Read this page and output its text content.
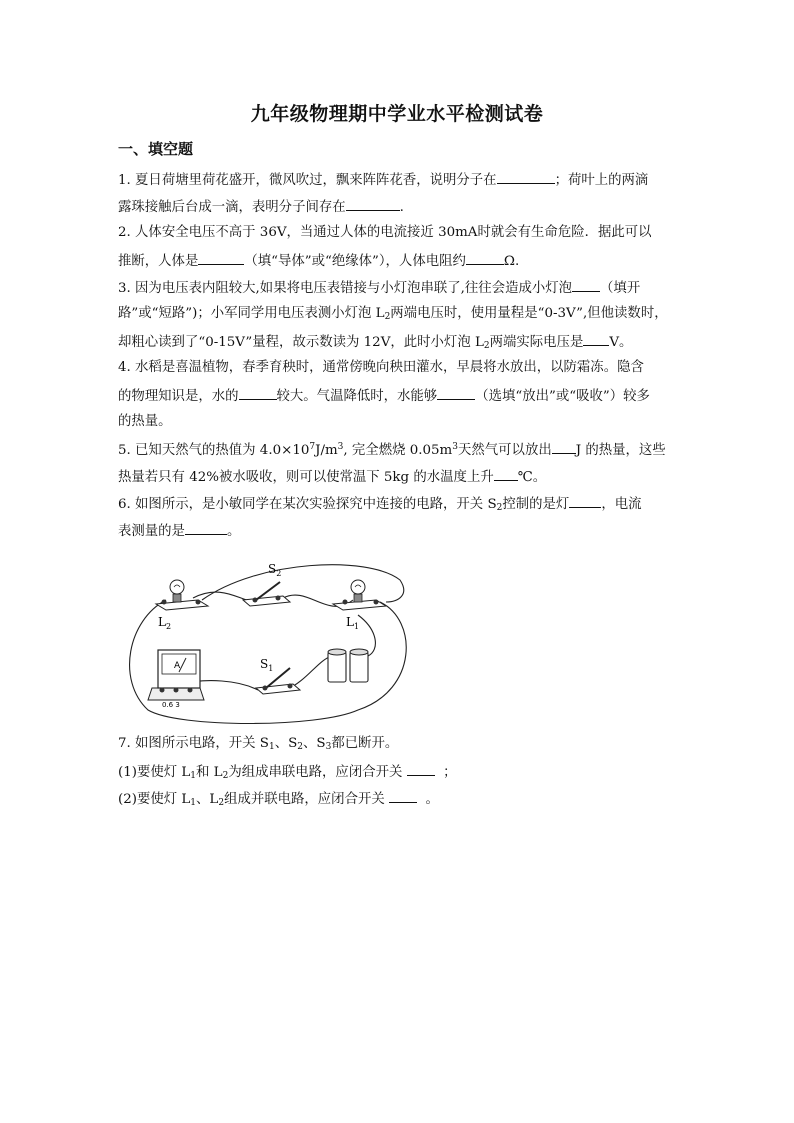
九年级物理期中学业水平检测试卷
一、填空题
1. 夏日荷塘里荷花盛开，微风吹过，飘来阵阵花香，说明分子在	；荷叶上的两滴
露珠接触后台成一滴，表明分子间存在	.
2. 人体安全电压不高于 36V，当通过人体的电流接近 30mA时就会有生命危险．据此可以
推断，人体是	（填“导体”或“绝缘体”），人体电阻约	Ω.
3. 因为电压表内阻较大,如果将电压表错接与小灯泡串联了,往往会造成小灯泡 （填开
路”或“短路”)；小军同学用电压表测小灯泡 $L_2$两端电压时，使用量程是“0-3V”,但他读数时，
却粗心读到了“0-15V”量程，故示数读为 12V，此时小灯泡 $L_2$两端实际电压是 V。
4. 水稻是喜温植物，春季育秧时，通常傍晚向秧田灌水，早晨将水放出，以防霜冻。隐含
的物理知识是，水的	较大。气温降低时，水能够	（选填“放出”或“吸收”）较多
的热量。
5. 已知天然气的热值为 $4.0\times 10^7J/m^3$, 完全燃烧 $0.05m^3$天然气可以放出 J 的热量，这些
热量若只有 42%被水吸收，则可以使常温下 5kg 的水温度上升 ℃。
6. 如图所示，是小敏同学在某次实验探究中连接的电路，开关 $S_2$控制的是灯 ，电流
表测量的是	。
$S_2$
$L_2$	$L_1$
$S_1$
A
0.6 3
7. 如图所示电路，开关 $S_1$、$S_2$、$S_3$都已断开。
(1)要使灯 $L_1$和 $L_2$为组成串联电路，应闭合开关	；
(2)要使灯 $L_1$、$L_2$组成并联电路，应闭合开关	。
